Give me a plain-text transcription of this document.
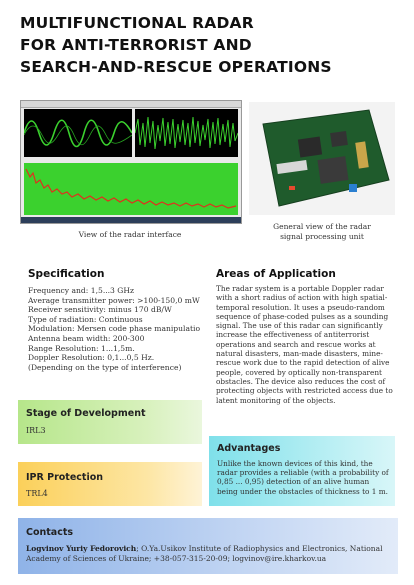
MULTIFUNCTIONAL RADAR
FOR ANTI-TERRORIST AND
SEARCH-AND-RESCUE OPERATIONS
View of the radar interface
General view of the radar
signal processing unit
Specification
Frequency and: 1,5...3 GHz
Average transmitter power: >100-150,0 mW
Receiver sensitivity: minus 170 dB/W
Type of radiation: Continuous
Modulation: Mersen code phase manipulatio
Antenna beam width: 200-300
Range Resolution: 1...1,5m.
Doppler Resolution: 0,1...0,5 Hz.
(Depending on the type of interference)
Areas of Application
The radar system is a portable Doppler radar with a short radius of action with high spatial-temporal resolution. It uses a pseudo-random sequence of phase-coded pulses as a sounding signal. The use of this radar can significantly increase the effectiveness of antiterrorist operations and search and rescue works at natural disasters, man-made disasters, mine-rescue work due to the rapid detection of alive people, covered by optically non-transparent obstacles. The device also reduces the cost of protecting objects with restricted access due to latent monitoring of the objects.
Stage of Development
IRL3
Advantages
Unlike the known devices of this kind, the radar provides a reliable (with a probability of 0,85 ... 0,95) detection of an alive human being under the obstacles of thickness to 1 m.
IPR Protection
TRL4
Contacts
Logvinov Yuriy Fedorovich; O.Ya.Usikov Institute of Radiophysics and Electronics, National Academy of Sciences of Ukraine; +38-057-315-20-09; logvinov@ire.kharkov.ua
